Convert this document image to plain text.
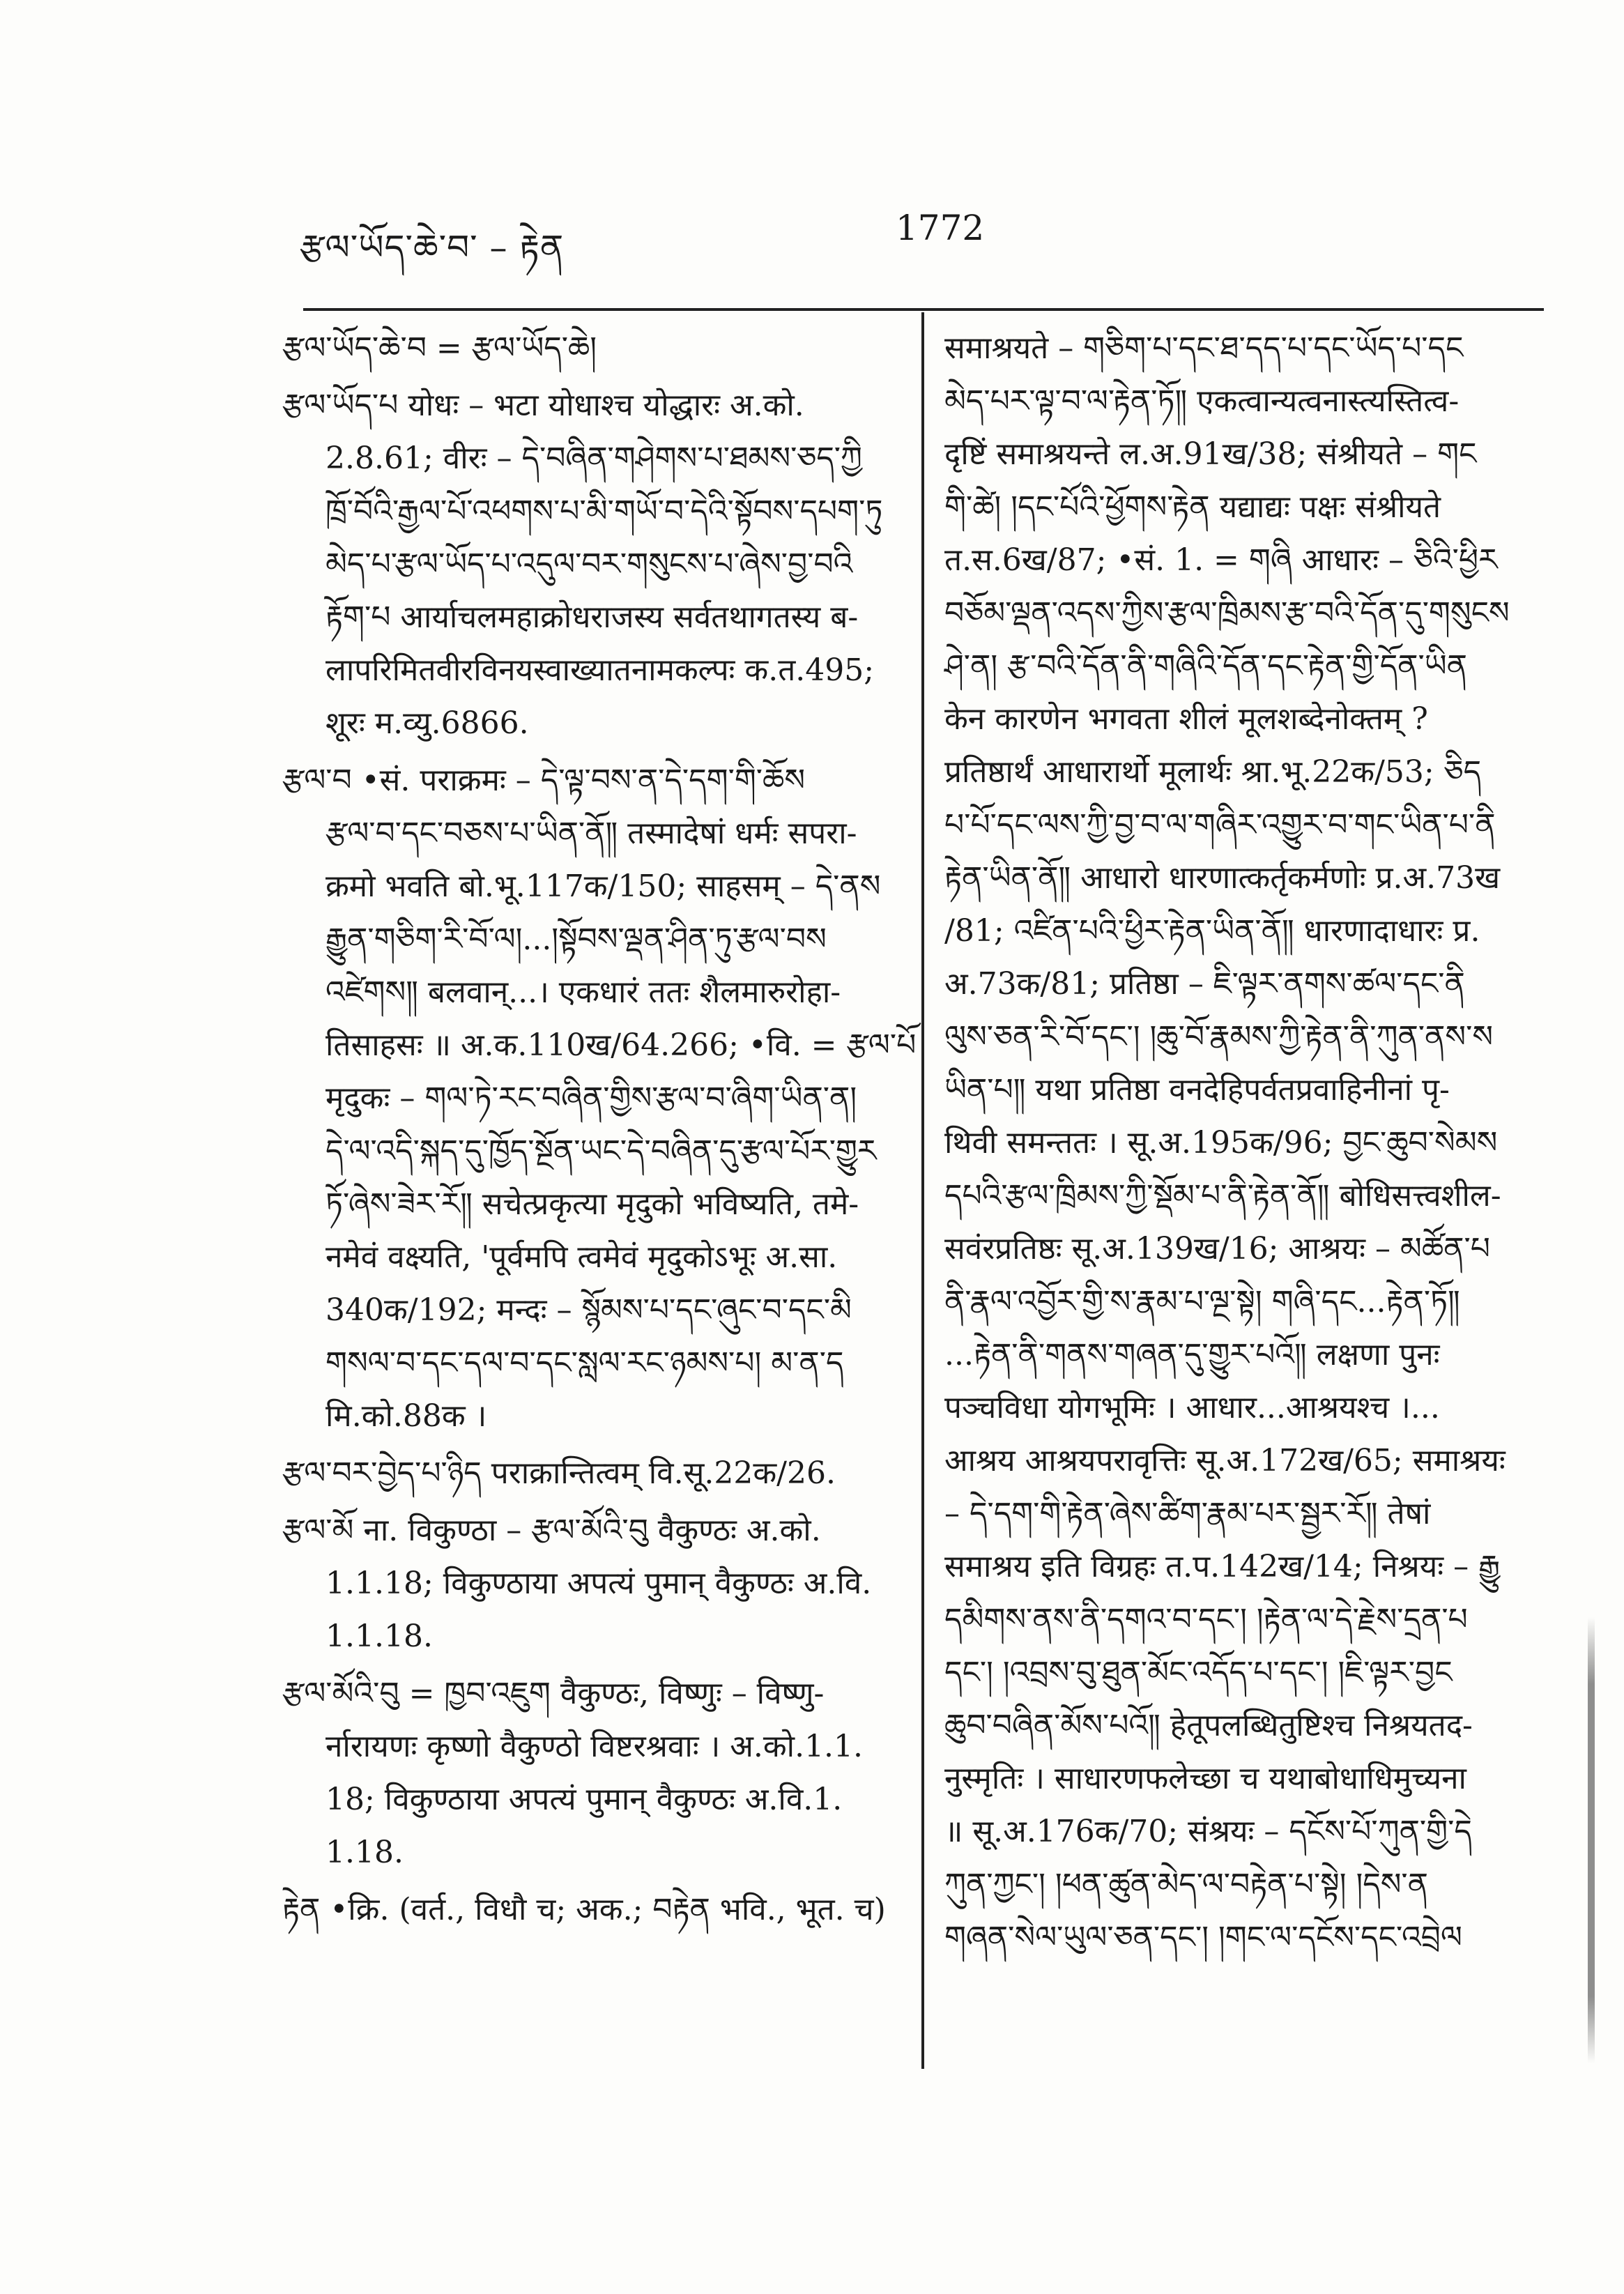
རྩལ་ཡོད་ཆེ་བ་ – རྟེན	1772
རྩལ་ཡོད་ཆེ་བ = རྩལ་ཡོད་ཆེ།
རྩལ་ཡོད་པ योधः – भटा योधाश्च योद्धारः अ.को.
2.8.61; वीरः – དེ་བཞིན་གཤེགས་པ་ཐམས་ཅད་ཀྱི
ཁྲོ་བོའི་རྒྱལ་པོ་འཕགས་པ་མི་གཡོ་བ་དེའི་སྟོབས་དཔག་ཏུ
མེད་པ་རྩལ་ཡོད་པ་འདུལ་བར་གསུངས་པ་ཞེས་བྱ་བའི
རྟོག་པ आर्याचलमहाक्रोधराजस्य सर्वतथागतस्य ब-
लापरिमितवीरविनयस्वाख्यातनामकल्पः क.त.495;
शूरः म.व्यु.6866.
རྩལ་བ •सं. पराक्रमः – དེ་ལྟ་བས་ན་དེ་དག་གི་ཆོས
རྩལ་བ་དང་བཅས་པ་ཡིན་ནོ༎ तस्मादेषां धर्मः सपरा-
क्रमो भवति बो.भू.117क/150; साहसम् – དེ་ནས
རྒྱུན་གཅིག་རི་བོ་ལ།...།སྟོབས་ལྡན་ཤིན་ཏུ་རྩལ་བས
འཛེགས༎ बलवान्...। एकधारं ततः शैलमारुरोहा-
तिसाहसः ॥ अ.क.110ख/64.266; •वि. = རྩལ་པོ
मृदुकः – གལ་ཏེ་རང་བཞིན་གྱིས་རྩལ་བ་ཞིག་ཡིན་ན།
དེ་ལ་འདི་སྐད་དུ་ཁྱོད་སྔོན་ཡང་དེ་བཞིན་དུ་རྩལ་པོར་གྱུར
ཏོ་ཞེས་ཟེར་རོ༎ सचेत्प्रकृत्या मृदुको भविष्यति, तमे-
नमेवं वक्ष्यति, 'पूर्वमपि त्वमेवं मृदुकोऽभूः अ.सा.
340क/192; मन्दः – སྙོམས་པ་དང་ཞུང་བ་དང་མི
གསལ་བ་དང་དལ་བ་དང་སླལ་རང་ཉམས་པ། མ་ན་ད
मि.को.88क ।
རྩལ་བར་བྱེད་པ་ཉིད पराक्रान्तित्वम् वि.सू.22क/26.
རྩལ་མོ ना. विकुण्ठा – རྩལ་མོའི་བུ वैकुण्ठः अ.को.
1.1.18; विकुण्ठाया अपत्यं पुमान् वैकुण्ठः अ.वि.
1.1.18.
རྩལ་མོའི་བུ = ཁྱབ་འཇུག वैकुण्ठः, विष्णुः – विष्णु-
र्नारायणः कृष्णो वैकुण्ठो विष्टरश्रवाः । अ.को.1.1.
18; विकुण्ठाया अपत्यं पुमान् वैकुण्ठः अ.वि.1.
1.18.
རྟེན •क्रि. (वर्त., विधौ च; अक.; བརྟེན भवि., भूत. च)
समाश्रयते – གཅིག་པ་དང་ཐ་དད་པ་དང་ཡོད་པ་དང
མེད་པར་ལྟ་བ་ལ་རྟེན་ཏོ༎ एकत्वान्यत्वनास्त्यस्तित्व-
दृष्टिं समाश्रयन्ते ल.अ.91ख/38; संश्रीयते – གང
གི་ཚེ། །དང་པོའི་ཕྱོགས་རྟེན यद्याद्यः पक्षः संश्रीयते
त.स.6ख/87; •सं. 1. = གཞི आधारः – ཅིའི་ཕྱིར
བཅོམ་ལྡན་འདས་ཀྱིས་རྩལ་ཁྲིམས་རྩ་བའི་དོན་དུ་གསུངས
ཤེ་ན། རྩ་བའི་དོན་ནི་གཞིའི་དོན་དང་རྟེན་གྱི་དོན་ཡིན
केन कारणेन भगवता शीलं मूलशब्देनोक्तम् ?
प्रतिष्ठार्थं आधारार्थो मूलार्थः श्रा.भू.22क/53; ཅིད
པ་པོ་དང་ལས་ཀྱི་བྱ་བ་ལ་གཞིར་འགྱུར་བ་གང་ཡིན་པ་ནི
རྟེན་ཡིན་ནོ༎ आधारो धारणात्कर्तृकर्मणोः प्र.अ.73ख
/81; འཛིན་པའི་ཕྱིར་རྟེན་ཡིན་ནོ༎ धारणादाधारः प्र.
अ.73क/81; प्रतिष्ठा – ཇི་ལྟར་ནགས་ཚལ་དང་ནི
ལུས་ཅན་རི་བོ་དང་། །ཆུ་བོ་རྣམས་ཀྱི་རྟེན་ནི་ཀུན་ནས་ས
ཡིན་པ༎ यथा प्रतिष्ठा वनदेहिपर्वतप्रवाहिनीनां पृ-
थिवी समन्ततः । सू.अ.195क/96; བྱང་ཆུབ་སེམས
དཔའི་རྩལ་ཁྲིམས་ཀྱི་སྡོམ་པ་ནི་རྟེན་ནོ༎ बोधिसत्त्वशील-
सवंरप्रतिष्ठः सू.अ.139ख/16; आश्रयः – མཚོན་པ
ནི་རྣལ་འབྱོར་གྱི་ས་རྣམ་པ་ལྔ་སྟེ། གཞི་དང...རྟེན་ཏོ༎
...རྟེན་ནི་གནས་གཞན་དུ་གྱུར་པའོ༎ लक्षणा पुनः
पञ्चविधा योगभूमिः । आधार...आश्रयश्च ।...
आश्रय आश्रयपरावृत्तिः सू.अ.172ख/65; समाश्रयः
– དེ་དག་གི་རྟེན་ཞེས་ཚིག་རྣམ་པར་སྦྱར་རོ༎ तेषां
समाश्रय इति विग्रहः त.प.142ख/14; निश्रयः – རྒྱུ
དམིགས་ནས་ནི་དགའ་བ་དང་། །རྟེན་ལ་དེ་རྗེས་དྲན་པ
དང་། །འབྲས་བུ་ཐུན་མོང་འདོད་པ་དང་། །ཇི་ལྟར་བྱང
ཆུབ་བཞིན་མོས་པའོ༎ हेतूपलब्धितुष्टिश्च निश्रयतद-
नुस्मृतिः । साधारणफलेच्छा च यथाबोधाधिमुच्यना
॥ सू.अ.176क/70; संश्रयः – དངོས་པོ་ཀུན་གྱི་དེ
ཀུན་ཀྱང་། །ཕན་ཚུན་མེད་ལ་བརྟེན་པ་སྟེ། །དེས་ན
གཞན་སེལ་ཡུལ་ཅན་དང་། །གང་ལ་དངོས་དང་འབྲེལ
